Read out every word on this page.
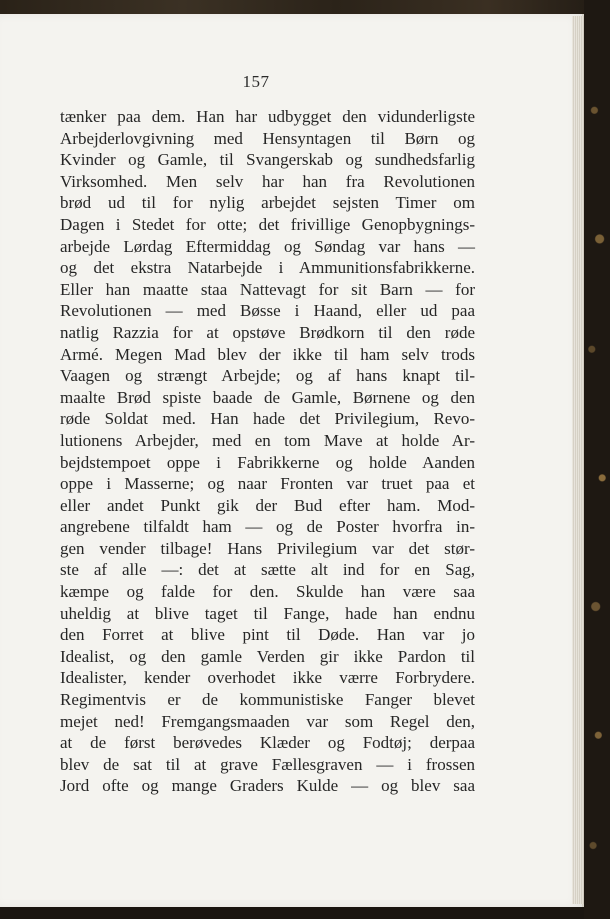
157
tænker paa dem. Han har udbygget den vidunderligste
Arbejderlovgivning med Hensyntagen til Børn og
Kvinder og Gamle, til Svangerskab og sundhedsfarlig
Virksomhed. Men selv har han fra Revolutionen
brød ud til for nylig arbejdet sejsten Timer om
Dagen i Stedet for otte; det frivillige Genopbygnings-
arbejde Lørdag Eftermiddag og Søndag var hans —
og det ekstra Natarbejde i Ammunitionsfabrikkerne.
Eller han maatte staa Nattevagt for sit Barn — for
Revolutionen — med Bøsse i Haand, eller ud paa
natlig Razzia for at opstøve Brødkorn til den røde
Armé. Megen Mad blev der ikke til ham selv trods
Vaagen og strængt Arbejde; og af hans knapt til-
maalte Brød spiste baade de Gamle, Børnene og den
røde Soldat med. Han hade det Privilegium, Revo-
lutionens Arbejder, med en tom Mave at holde Ar-
bejdstempoet oppe i Fabrikkerne og holde Aanden
oppe i Masserne; og naar Fronten var truet paa et
eller andet Punkt gik der Bud efter ham. Mod-
angrebene tilfaldt ham — og de Poster hvorfra in-
gen vender tilbage! Hans Privilegium var det stør-
ste af alle —: det at sætte alt ind for en Sag,
kæmpe og falde for den. Skulde han være saa
uheldig at blive taget til Fange, hade han endnu
den Forret at blive pint til Døde. Han var jo
Idealist, og den gamle Verden gir ikke Pardon til
Idealister, kender overhodet ikke værre Forbrydere.
Regimentvis er de kommunistiske Fanger blevet
mejet ned! Fremgangsmaaden var som Regel den,
at de først berøvedes Klæder og Fodtøj; derpaa
blev de sat til at grave Fællesgraven — i frossen
Jord ofte og mange Graders Kulde — og blev saa
